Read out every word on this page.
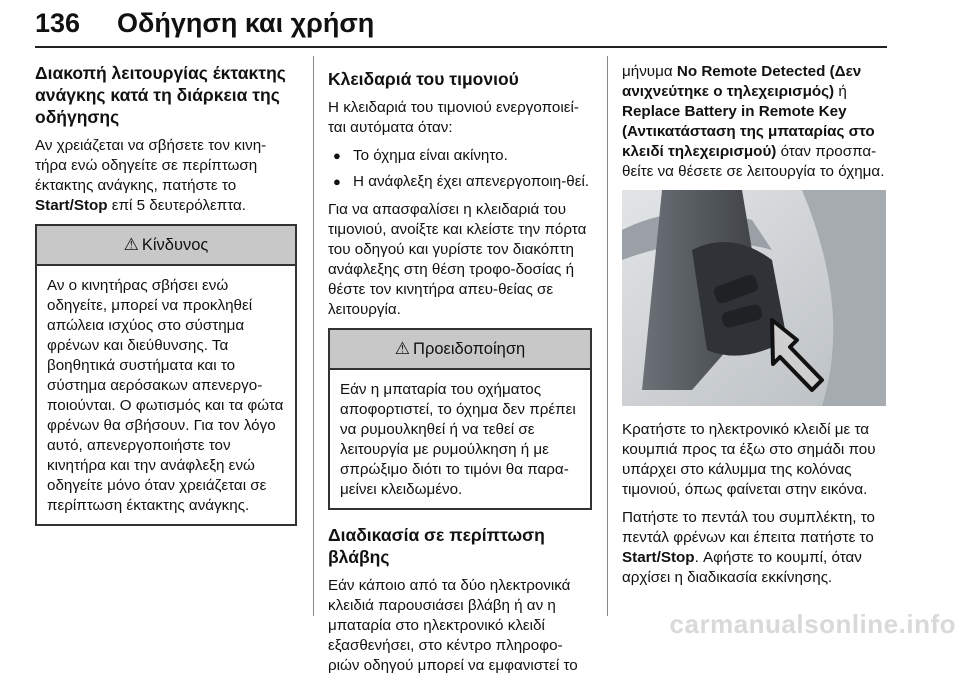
136 Οδήγηση και χρήση
Διακοπή λειτουργίας έκτακτης ανάγκης κατά τη διάρκεια της οδήγησης

Αν χρειάζεται να σβήσετε τον κινη-τήρα ενώ οδηγείτε σε περίπτωση έκτακτης ανάγκης, πατήστε το Start/Stop επί 5 δευτερόλεπτα.

⚠ Κίνδυνος

Αν ο κινητήρας σβήσει ενώ οδηγείτε, μπορεί να προκληθεί απώλεια ισχύος στο σύστημα φρένων και διεύθυνσης. Τα βοηθητικά συστήματα και το σύστημα αερόσακων απενεργο-ποιούνται. Ο φωτισμός και τα φώτα φρένων θα σβήσουν. Για τον λόγο αυτό, απενεργοποιήστε τον κινητήρα και την ανάφλεξη ενώ οδηγείτε μόνο όταν χρειάζεται σε περίπτωση έκτακτης ανάγκης.

Κλειδαριά του τιμονιού

Η κλειδαριά του τιμονιού ενεργοποιεί-ται αυτόματα όταν:

● Το όχημα είναι ακίνητο.
● Η ανάφλεξη έχει απενεργοποιη-θεί.

Για να απασφαλίσει η κλειδαριά του τιμονιού, ανοίξτε και κλείστε την πόρτα του οδηγού και γυρίστε τον διακόπτη ανάφλεξης στη θέση τροφο-δοσίας ή θέστε τον κινητήρα απευ-θείας σε λειτουργία.

⚠ Προειδοποίηση

Εάν η μπαταρία του οχήματος αποφορτιστεί, το όχημα δεν πρέπει να ρυμουλκηθεί ή να τεθεί σε λειτουργία με ρυμούλκηση ή με σπρώξιμο διότι το τιμόνι θα παρα-μείνει κλειδωμένο.

Διαδικασία σε περίπτωση βλάβης

Εάν κάποιο από τα δύο ηλεκτρονικά κλειδιά παρουσιάσει βλάβη ή αν η μπαταρία στο ηλεκτρονικό κλειδί εξασθενήσει, στο κέντρο πληροφο-ριών οδηγού μπορεί να εμφανιστεί το

μήνυμα No Remote Detected (Δεν ανιχνεύτηκε ο τηλεχειρισμός) ή Replace Battery in Remote Key (Αντικατάσταση της μπαταρίας στο κλειδί τηλεχειρισμού) όταν προσπα-θείτε να θέσετε σε λειτουργία το όχημα.

Κρατήστε το ηλεκτρονικό κλειδί με τα κουμπιά προς τα έξω στο σημάδι που υπάρχει στο κάλυμμα της κολόνας τιμονιού, όπως φαίνεται στην εικόνα.

Πατήστε το πεντάλ του συμπλέκτη, το πεντάλ φρένων και έπειτα πατήστε το Start/Stop. Αφήστε το κουμπί, όταν αρχίσει η διαδικασία εκκίνησης.

carmanualsonline.info
